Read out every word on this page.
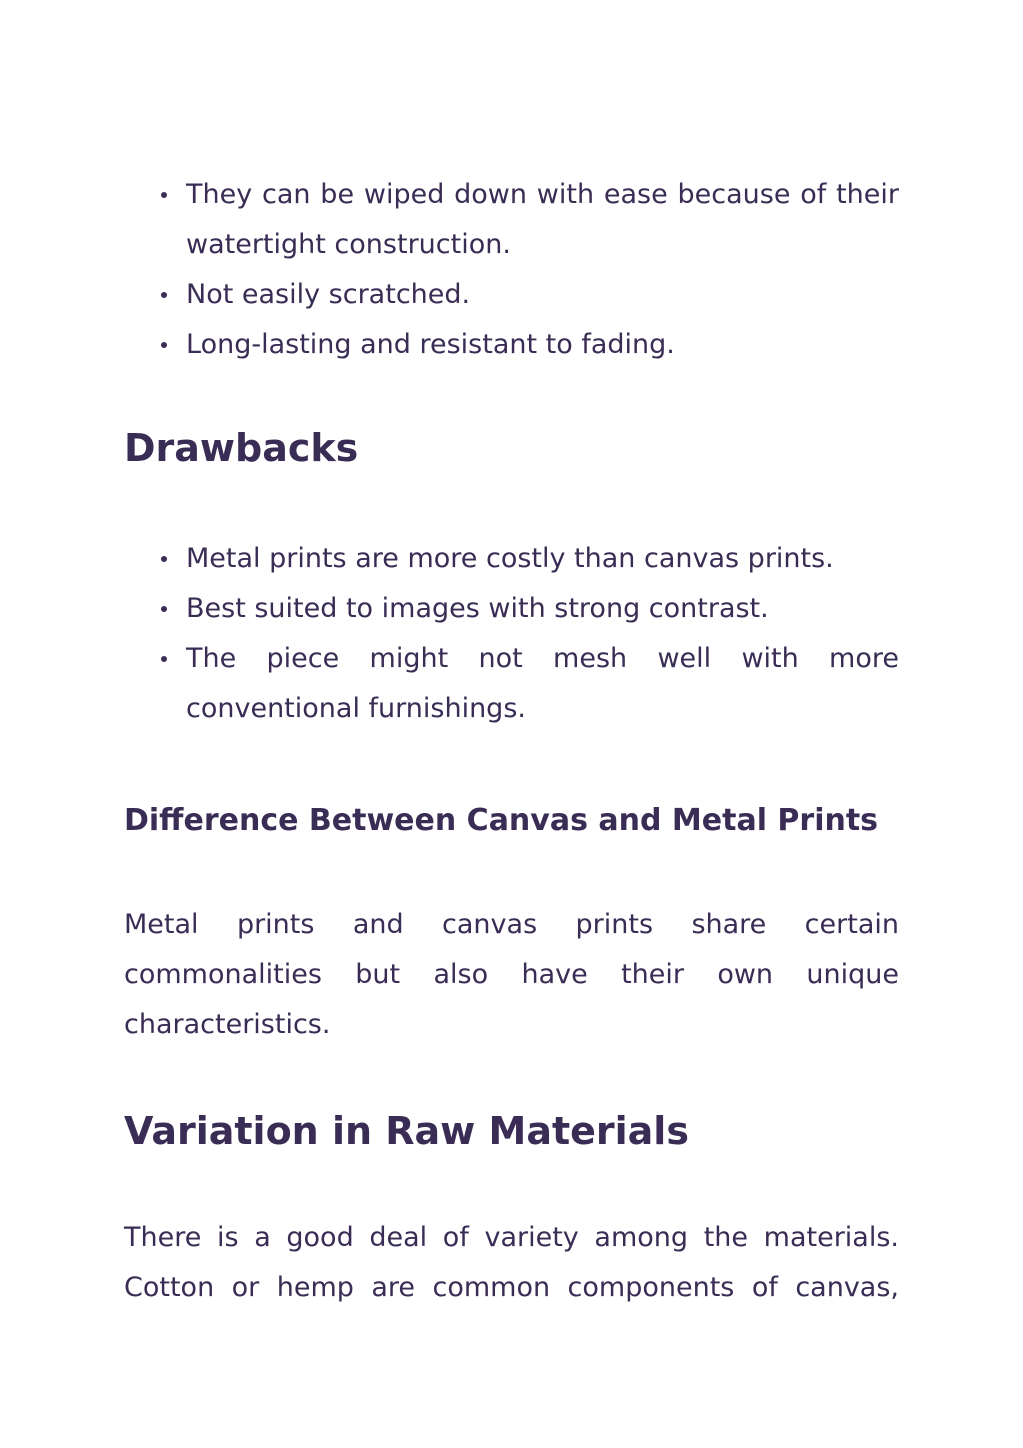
They can be wiped down with ease because of their watertight construction.
Not easily scratched.
Long-lasting and resistant to fading.
Drawbacks
Metal prints are more costly than canvas prints.
Best suited to images with strong contrast.
The piece might not mesh well with more conventional furnishings.
Difference Between Canvas and Metal Prints

Metal prints and canvas prints share certain commonalities but also have their own unique characteristics.

Variation in Raw Materials

There is a good deal of variety among the materials. Cotton or hemp are common components of canvas,
